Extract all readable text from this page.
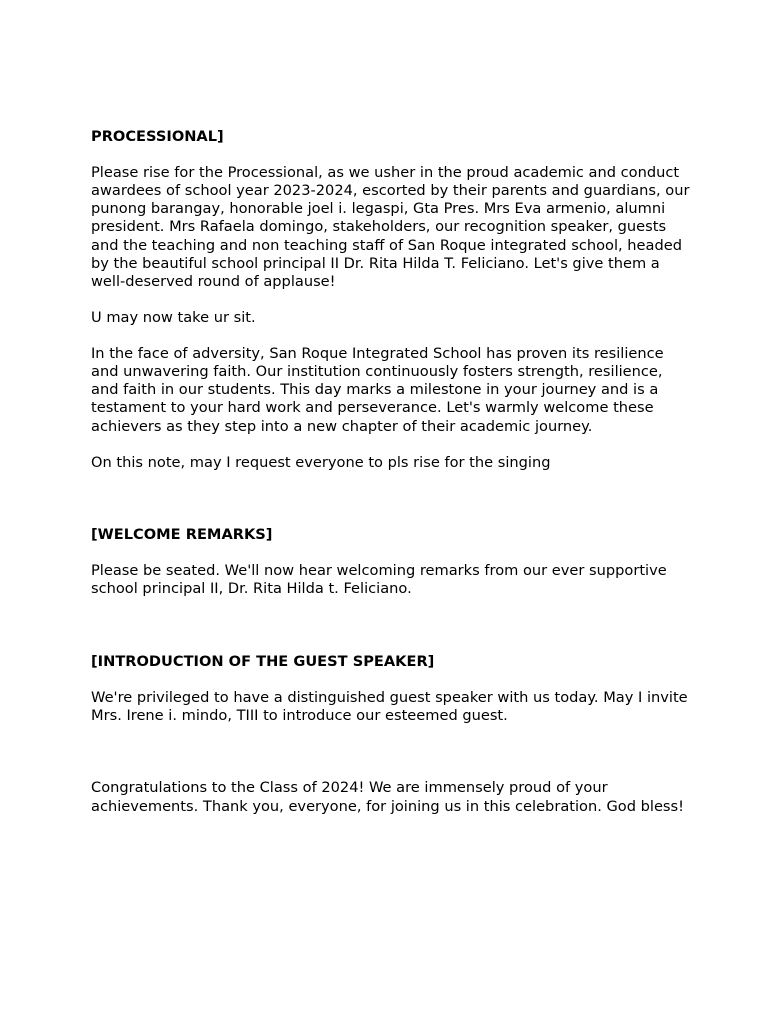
PROCESSIONAL]

Please rise for the Processional, as we usher in the proud academic and conduct awardees of school year 2023-2024, escorted by their parents and guardians, our punong barangay, honorable joel i. legaspi, Gta Pres. Mrs Eva armenio, alumni president. Mrs Rafaela domingo, stakeholders, our recognition speaker, guests and the teaching and non teaching staff of San Roque integrated school, headed by the beautiful school principal II Dr. Rita Hilda T. Feliciano. Let's give them a well-deserved round of applause!

U may now take ur sit.

In the face of adversity, San Roque Integrated School has proven its resilience and unwavering faith. Our institution continuously fosters strength, resilience, and faith in our students. This day marks a milestone in your journey and is a testament to your hard work and perseverance. Let's warmly welcome these achievers as they step into a new chapter of their academic journey.

On this note, may I request everyone to pls rise for the singing

[WELCOME REMARKS]

Please be seated. We'll now hear welcoming remarks from our ever supportive school principal II, Dr. Rita Hilda t. Feliciano.

[INTRODUCTION OF THE GUEST SPEAKER]

We're privileged to have a distinguished guest speaker with us today. May I invite Mrs. Irene i. mindo, TIII to introduce our esteemed guest.

Congratulations to the Class of 2024! We are immensely proud of your achievements. Thank you, everyone, for joining us in this celebration. God bless!
